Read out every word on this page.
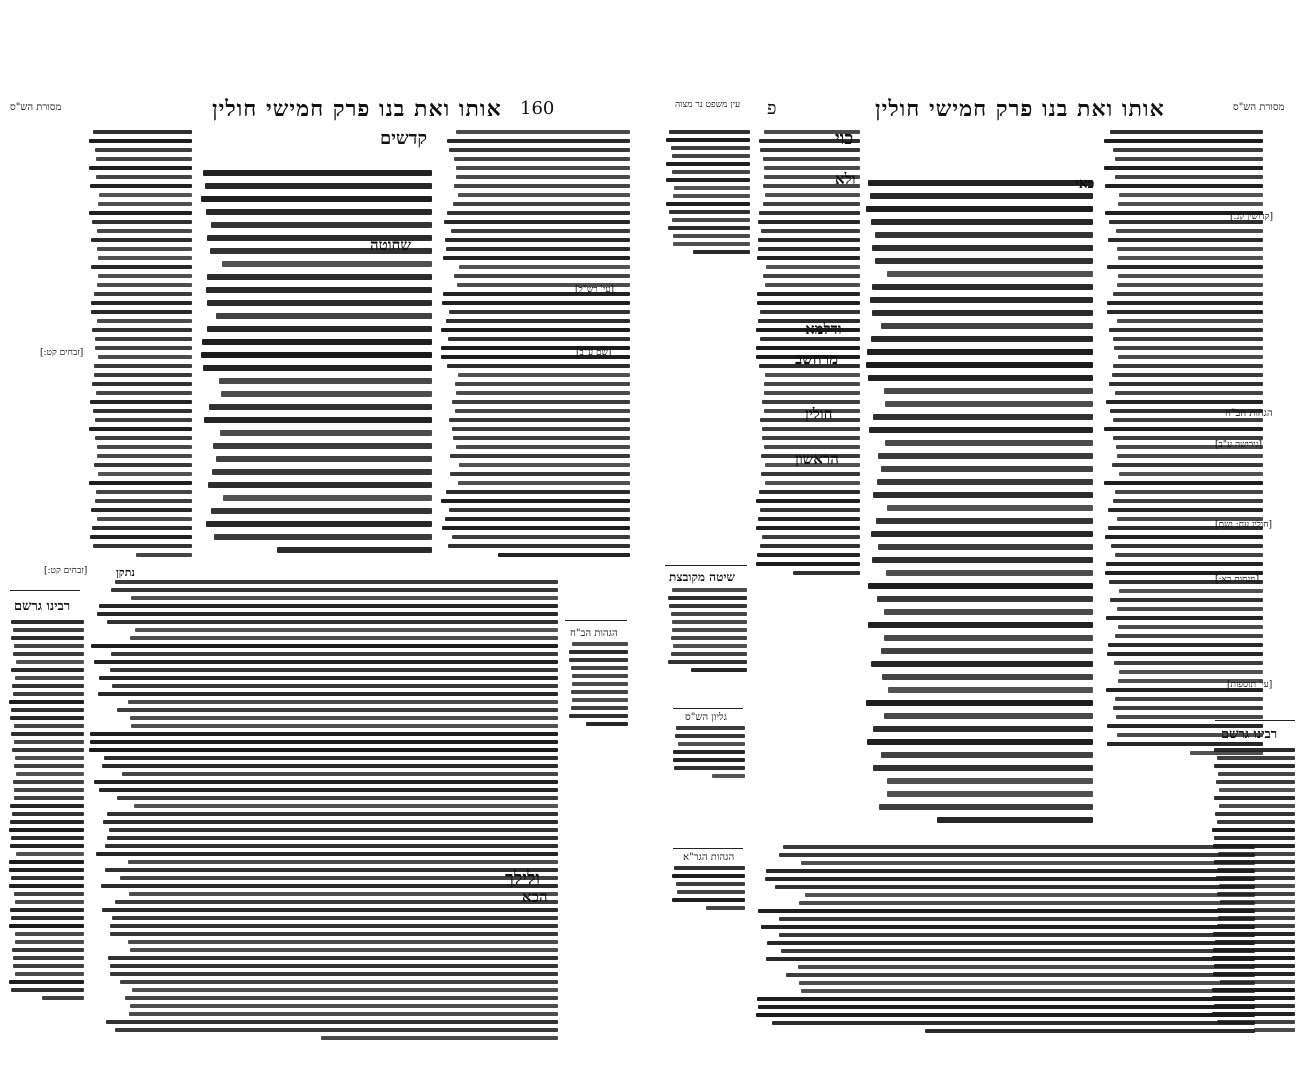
160
אותו ואת בנו פרק חמישי חולין
מסורת הש"ס
רבינו גרשם
הגהות הב"ח
קדשים
שחוטה
ולילך
הכא
נתקן
[זבחים קט:]	[שם ע"ב]
[זבחים קט:]
[עי' רש"ל]
מסורת הש"ס
אותו ואת בנו פרק חמישי חולין
פ
עין משפט נר מצוה
שיטה מקובצת
גליון הש"ס
הגהות הגר"א
רבינו גרשם
הגהות הב"ח
כוי
ולא
ודלמא
מרחשב
חולין
הראשון
כאי
[קדושין קנ.]
[גירושה ע"ב]
[חולין עח: ושם]
[מנחות כא:]
[עי' תוספות]
